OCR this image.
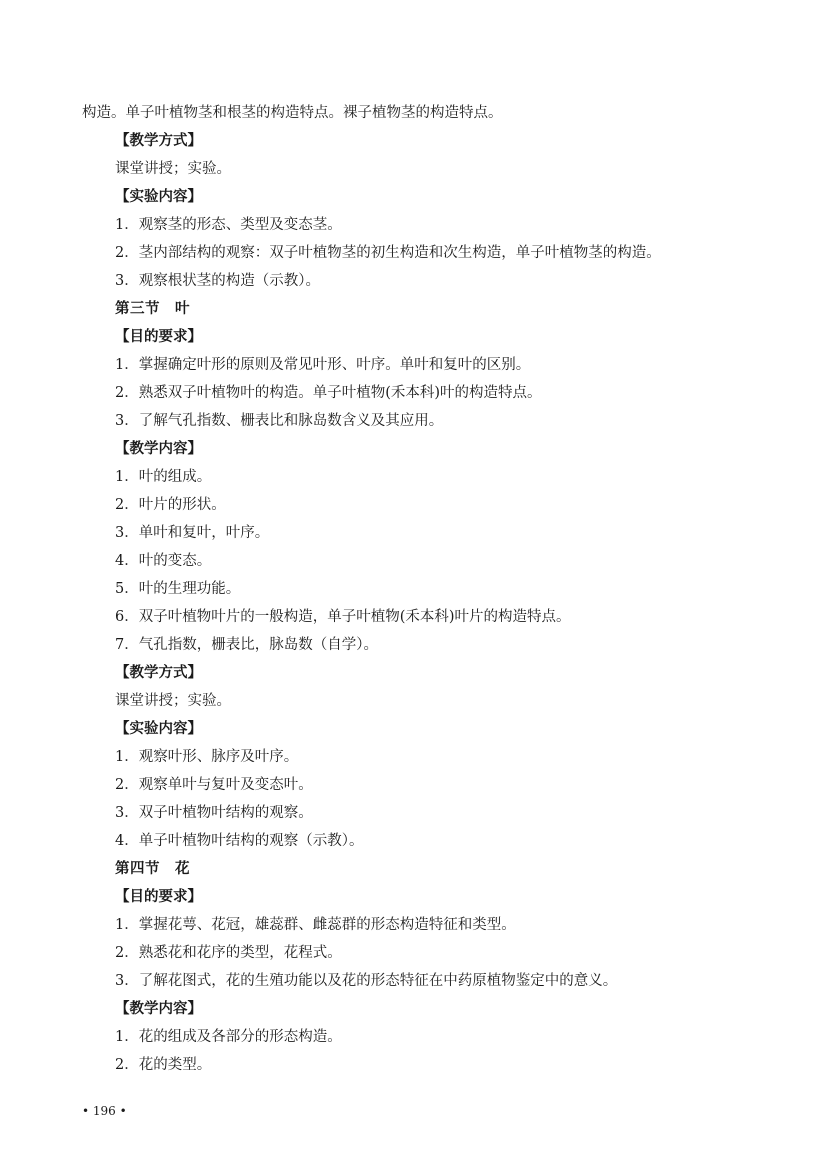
构造。单子叶植物茎和根茎的构造特点。裸子植物茎的构造特点。
【教学方式】
课堂讲授；实验。
【实验内容】
1．观察茎的形态、类型及变态茎。
2．茎内部结构的观察：双子叶植物茎的初生构造和次生构造，单子叶植物茎的构造。
3．观察根状茎的构造（示教）。
第三节　叶
【目的要求】
1．掌握确定叶形的原则及常见叶形、叶序。单叶和复叶的区别。
2．熟悉双子叶植物叶的构造。单子叶植物(禾本科)叶的构造特点。
3．了解气孔指数、栅表比和脉岛数含义及其应用。
【教学内容】
1．叶的组成。
2．叶片的形状。
3．单叶和复叶，叶序。
4．叶的变态。
5．叶的生理功能。
6．双子叶植物叶片的一般构造，单子叶植物(禾本科)叶片的构造特点。
7．气孔指数，栅表比，脉岛数（自学）。
【教学方式】
课堂讲授；实验。
【实验内容】
1．观察叶形、脉序及叶序。
2．观察单叶与复叶及变态叶。
3．双子叶植物叶结构的观察。
4．单子叶植物叶结构的观察（示教）。
第四节　花
【目的要求】
1．掌握花萼、花冠，雄蕊群、雌蕊群的形态构造特征和类型。
2．熟悉花和花序的类型，花程式。
3．了解花图式，花的生殖功能以及花的形态特征在中药原植物鉴定中的意义。
【教学内容】
1．花的组成及各部分的形态构造。
2．花的类型。
• 196 •
